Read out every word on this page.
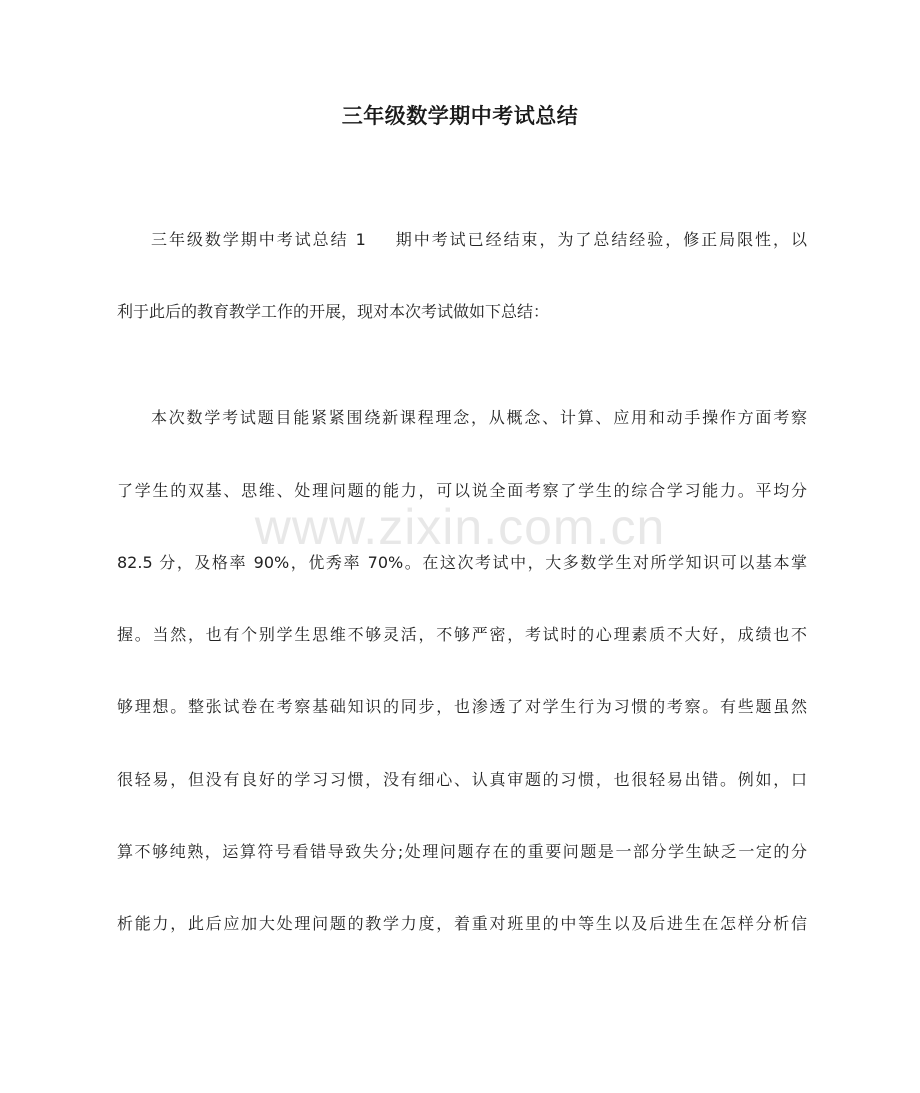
三年级数学期中考试总结
三年级数学期中考试总结 1 期中考试已经结束，为了总结经验，修正局限性，以
利于此后的教育教学工作的开展，现对本次考试做如下总结：
本次数学考试题目能紧紧围绕新课程理念，从概念、计算、应用和动手操作方面考察
了学生的双基、思维、处理问题的能力，可以说全面考察了学生的综合学习能力。平均分
82.5 分，及格率 90%，优秀率 70%。在这次考试中，大多数学生对所学知识可以基本掌
握。当然，也有个别学生思维不够灵活，不够严密，考试时的心理素质不大好，成绩也不
够理想。整张试卷在考察基础知识的同步，也渗透了对学生行为习惯的考察。有些题虽然
很轻易，但没有良好的学习习惯，没有细心、认真审题的习惯，也很轻易出错。例如，口
算不够纯熟，运算符号看错导致失分;处理问题存在的重要问题是一部分学生缺乏一定的分
析能力，此后应加大处理问题的教学力度，着重对班里的中等生以及后进生在怎样分析信
www.zixin.com.cn
